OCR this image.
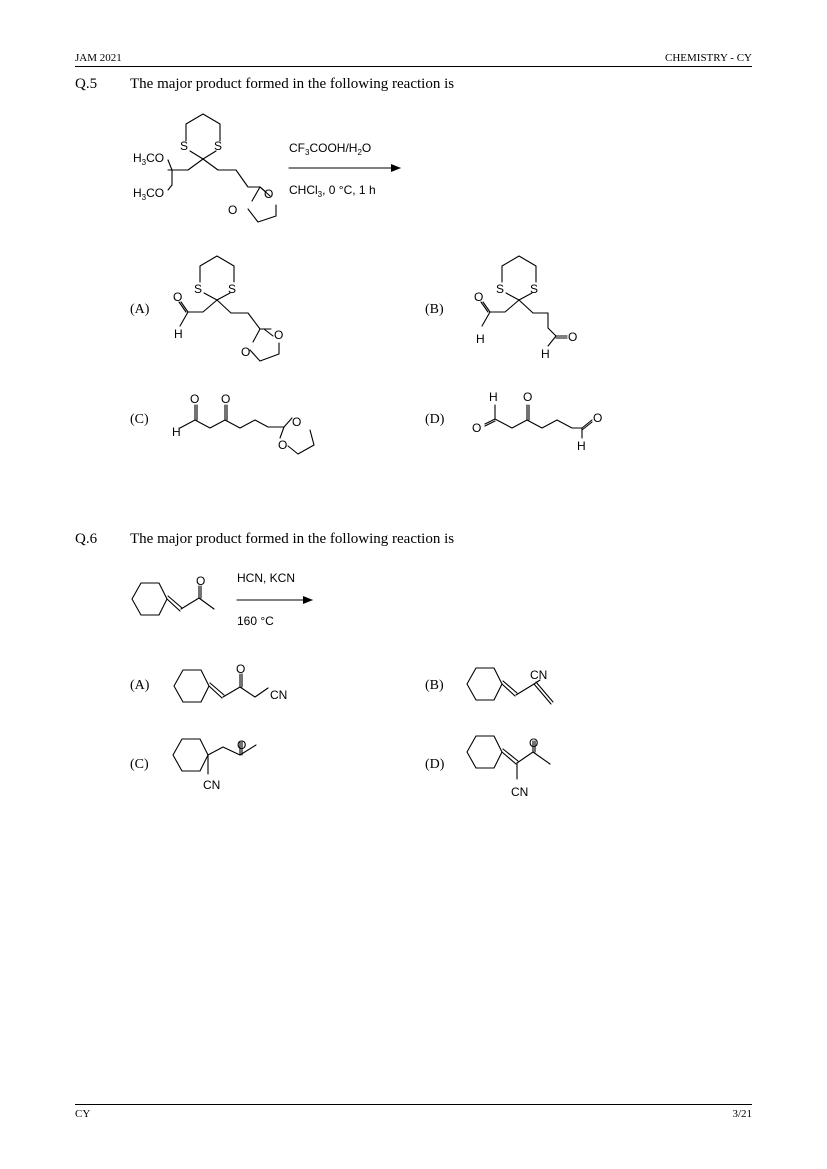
JAM 2021	CHEMISTRY - CY
Q.5 The major product formed in the following reaction is
(A)	(B)
(C)	(D)
Q.6 The major product formed in the following reaction is
(A)	(B)
(C)	(D)
CY	3/21
S S
$H_3CO$
$H_3CO$	O
O
$CF_3COOH/H_2O$
CHCl$_3$, 0 °C, 1 h
S S
O
H	O
O
S S
O
H	O
H
O O
H
O
O
H
O
O
O
H
O	HCN, KCN
160 °C
O
CN
CN
O
CN
O
CN
